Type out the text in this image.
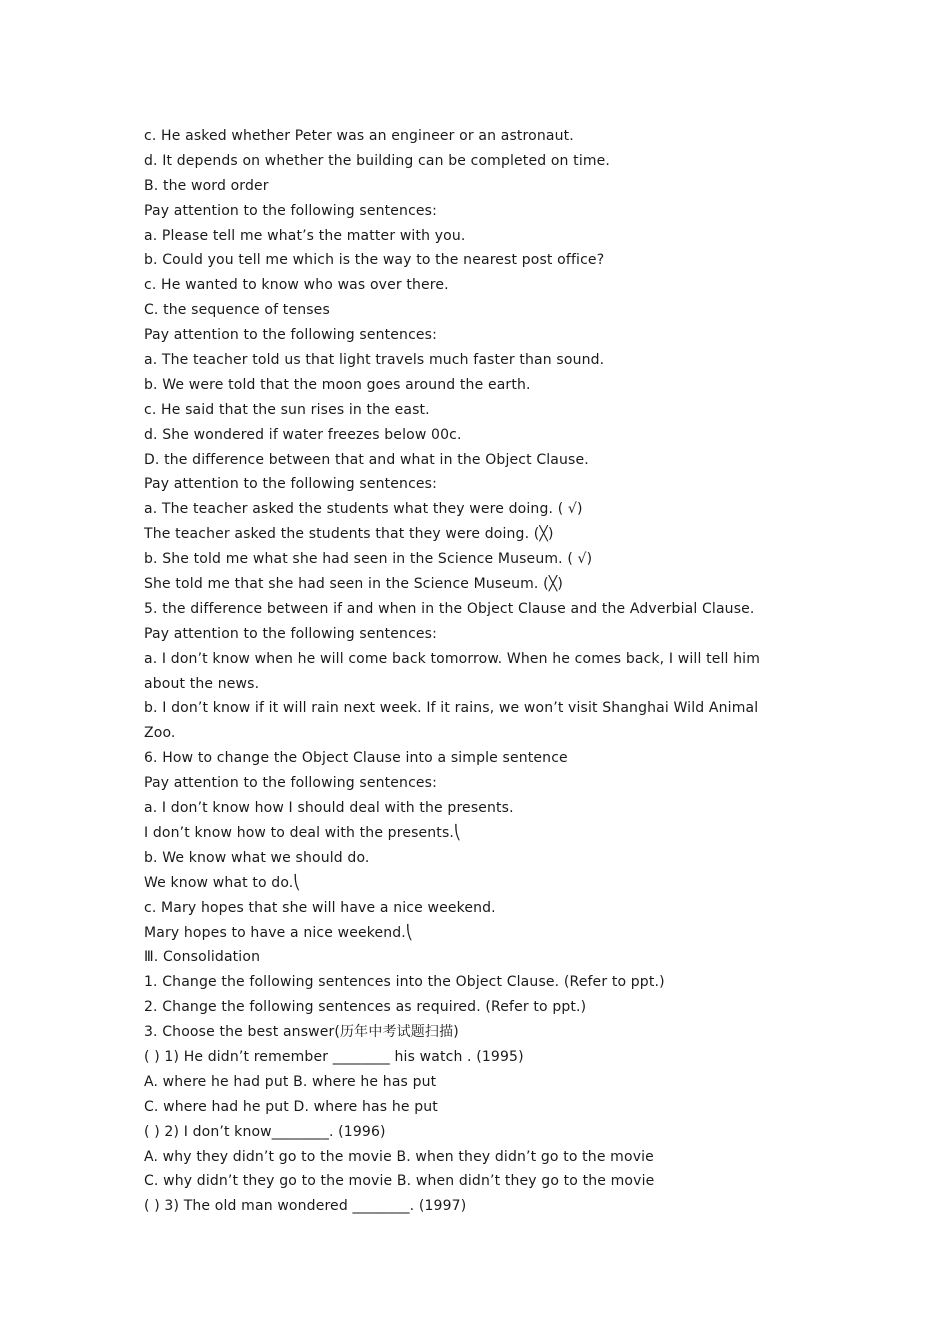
c. He asked whether Peter was an engineer or an astronaut.
d. It depends on whether the building can be completed on time.
B. the word order
Pay attention to the following sentences:
a. Please tell me what’s the matter with you.
b. Could you tell me which is the way to the nearest post office?
c. He wanted to know who was over there.
C. the sequence of tenses
Pay attention to the following sentences:
a. The teacher told us that light travels much faster than sound.
b. We were told that the moon goes around the earth.
c. He said that the sun rises in the east.
d. She wondered if water freezes below 00c.
D. the difference between that and what in the Object Clause.
Pay attention to the following sentences:
a. The teacher asked the students what they were doing. ( √)
The teacher asked the students that they were doing. (╳)
b. She told me what she had seen in the Science Museum. ( √)
She told me that she had seen in the Science Museum. (╳)
5. the difference between if and when in the Object Clause and the Adverbial Clause.
Pay attention to the following sentences:
a. I don’t know when he will come back tomorrow. When he comes back, I will tell him
about the news.
b. I don’t know if it will rain next week. If it rains, we won’t visit Shanghai Wild Animal
Zoo.
6. How to change the Object Clause into a simple sentence
Pay attention to the following sentences:
a. I don’t know how I should deal with the presents.
I don’t know how to deal with the presents.⎝
b. We know what we should do.
We know what to do.⎝
c. Mary hopes that she will have a nice weekend.
Mary hopes to have a nice weekend.⎝
Ⅲ. Consolidation
1. Change the following sentences into the Object Clause. (Refer to ppt.)
2. Change the following sentences as required. (Refer to ppt.)
3. Choose the best answer(历年中考试题扫描)
( ) 1) He didn’t remember ________ his watch . (1995)
A. where he had put B. where he has put
C. where had he put D. where has he put
( ) 2) I don’t know________. (1996)
A. why they didn’t go to the movie B. when they didn’t go to the movie
C. why didn’t they go to the movie B. when didn’t they go to the movie
( ) 3) The old man wondered ________. (1997)
